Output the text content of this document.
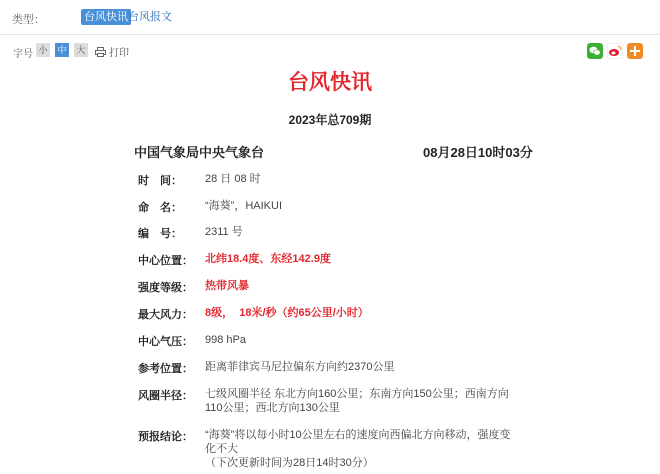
类型：	台风快讯 台风报文
字号 小 中 大 打印
台风快讯
2023年总709期
中国气象局中央气象台	08月28日10时03分
时　间：	28 日 08 时
命　名：	“海葵”，HAIKUI
编　号：	2311 号
中心位置：	北纬18.4度、东经142.9度
强度等级：	热带风暴
最大风力：	8级，  18米/秒（约65公里/小时）
中心气压：	998 hPa
参考位置：	距离菲律宾马尼拉偏东方向约2370公里
风圈半径：	七级风圈半径 东北方向160公里；东南方向150公里；西南方向110公里；西北方向130公里
预报结论：	“海葵”将以每小时10公里左右的速度向西偏北方向移动，强度变化不大
（下次更新时间为28日14时30分）
